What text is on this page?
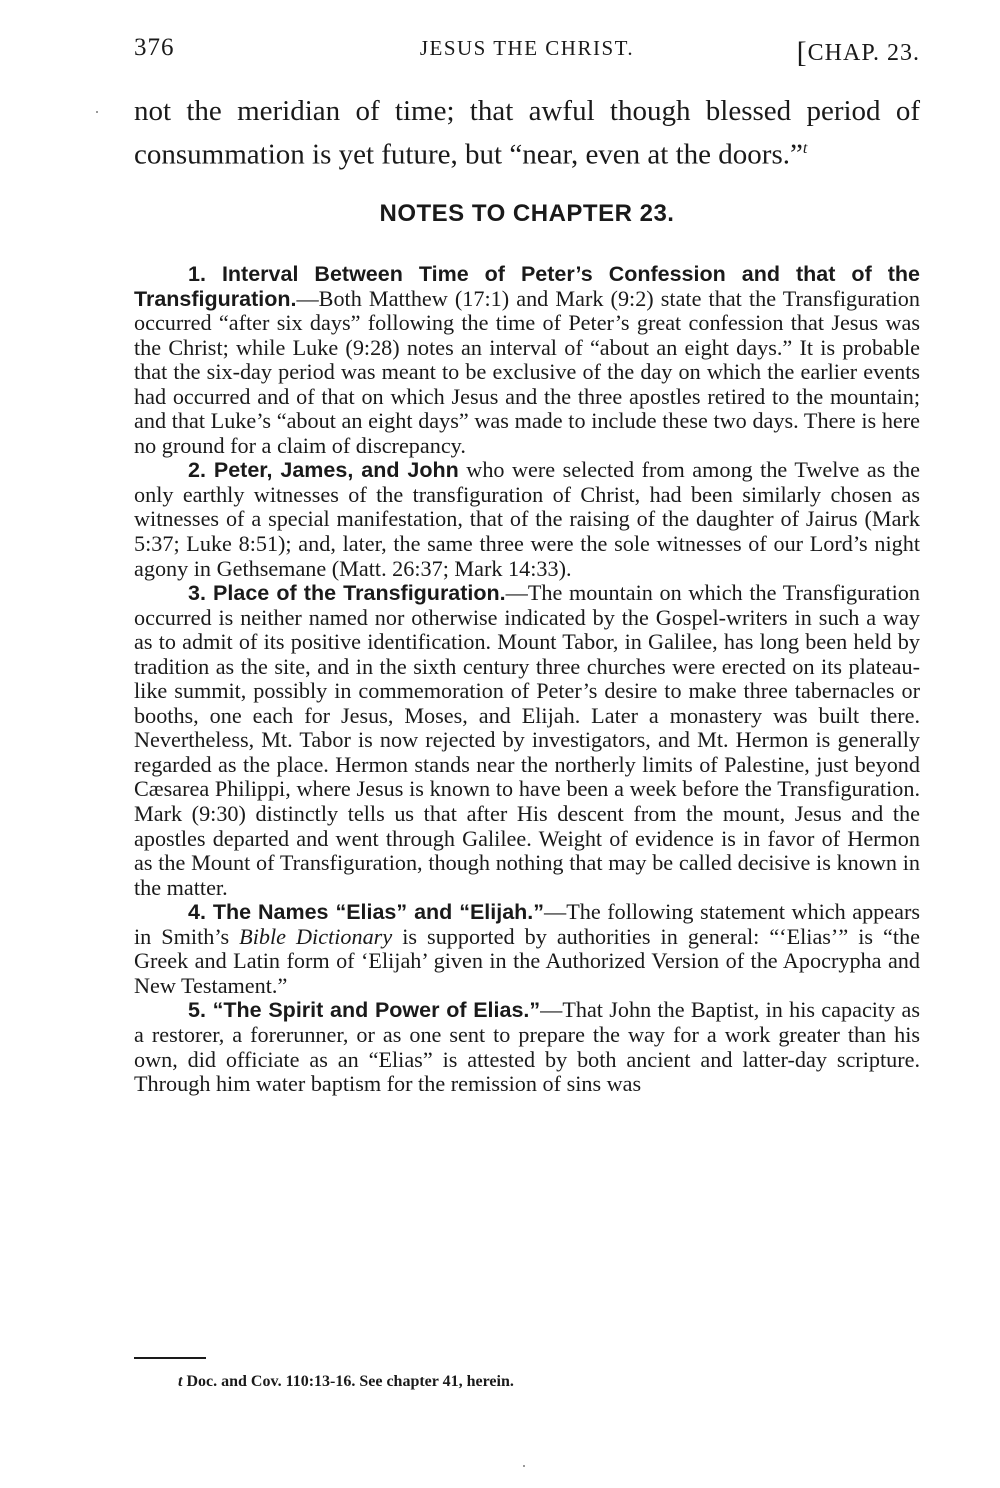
376	JESUS THE CHRIST.	[CHAP. 23.
not the meridian of time; that awful though blessed period of consummation is yet future, but “near, even at the doors.”$^t$
NOTES TO CHAPTER 23.

1. Interval Between Time of Peter’s Confession and that of the Transfiguration.—Both Matthew (17:1) and Mark (9:2) state that the Transfiguration occurred “after six days” following the time of Peter’s great confession that Jesus was the Christ; while Luke (9:28) notes an interval of “about an eight days.” It is probable that the six-day period was meant to be exclusive of the day on which the earlier events had occurred and of that on which Jesus and the three apostles retired to the mountain; and that Luke’s “about an eight days” was made to include these two days. There is here no ground for a claim of discrepancy.

2. Peter, James, and John who were selected from among the Twelve as the only earthly witnesses of the transfiguration of Christ, had been similarly chosen as witnesses of a special manifestation, that of the raising of the daughter of Jairus (Mark 5:37; Luke 8:51); and, later, the same three were the sole witnesses of our Lord’s night agony in Gethsemane (Matt. 26:37; Mark 14:33).

3. Place of the Transfiguration.—The mountain on which the Transfiguration occurred is neither named nor otherwise indicated by the Gospel-writers in such a way as to admit of its positive identification. Mount Tabor, in Galilee, has long been held by tradition as the site, and in the sixth century three churches were erected on its plateau-like summit, possibly in commemoration of Peter’s desire to make three tabernacles or booths, one each for Jesus, Moses, and Elijah. Later a monastery was built there. Nevertheless, Mt. Tabor is now rejected by investigators, and Mt. Hermon is generally regarded as the place. Hermon stands near the northerly limits of Palestine, just beyond Cæsarea Philippi, where Jesus is known to have been a week before the Transfiguration. Mark (9:30) distinctly tells us that after His descent from the mount, Jesus and the apostles departed and went through Galilee. Weight of evidence is in favor of Hermon as the Mount of Transfiguration, though nothing that may be called decisive is known in the matter.

4. The Names “Elias” and “Elijah.”—The following statement which appears in Smith’s Bible Dictionary is supported by authorities in general: “‘Elias’” is “the Greek and Latin form of ‘Elijah’ given in the Authorized Version of the Apocrypha and New Testament.”

5. “The Spirit and Power of Elias.”—That John the Baptist, in his capacity as a restorer, a forerunner, or as one sent to prepare the way for a work greater than his own, did officiate as an “Elias” is attested by both ancient and latter-day scripture. Through him water baptism for the remission of sins was

t Doc. and Cov. 110:13-16. See chapter 41, herein.
